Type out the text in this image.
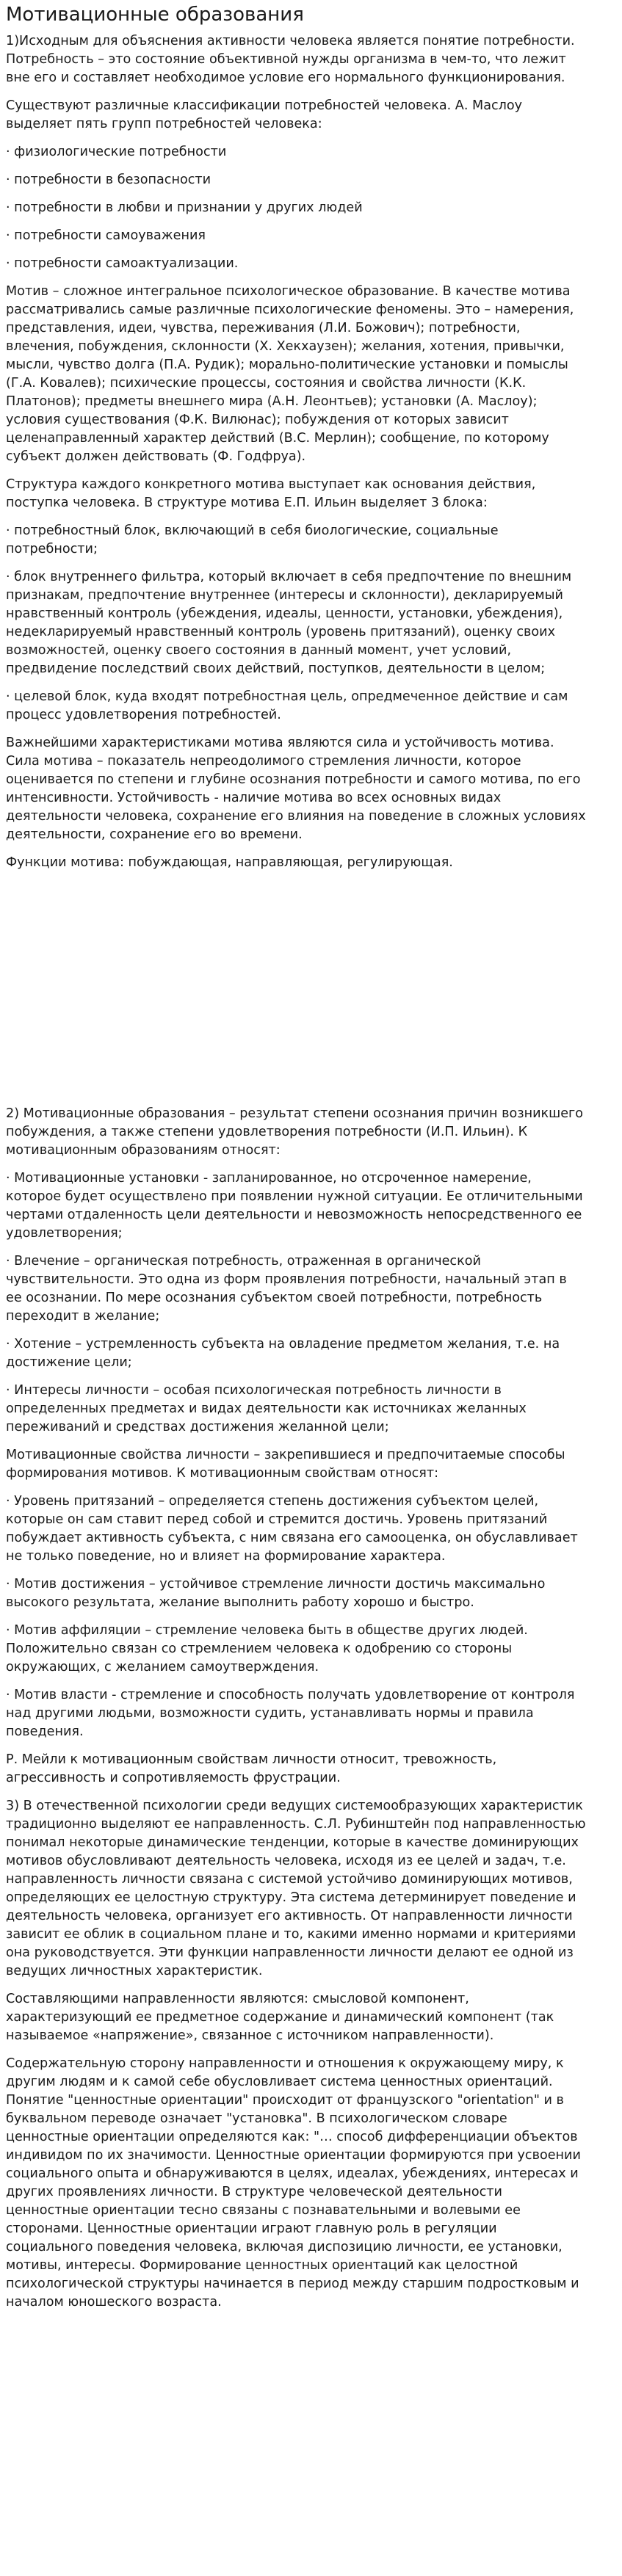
Мотивационные образования

1)Исходным для объяснения активности человека является понятие потребности. Потребность – это состояние объективной нужды организма в чем-то, что лежит вне его и составляет необходимое условие его нормального функционирования.

Существуют различные классификации потребностей человека. А. Маслоу выделяет пять групп потребностей человека:

· физиологические потребности

· потребности в безопасности

· потребности в любви и признании у других людей

· потребности самоуважения

· потребности самоактуализации.

Мотив – сложное интегральное психологическое образование. В качестве мотива рассматривались самые различные психологические феномены. Это – намерения, представления, идеи, чувства, переживания (Л.И. Божович); потребности, влечения, побуждения, склонности (Х. Хекхаузен); желания, хотения, привычки, мысли, чувство долга (П.А. Рудик); морально-политические установки и помыслы (Г.А. Ковалев); психические процессы, состояния и свойства личности (К.К. Платонов); предметы внешнего мира (А.Н. Леонтьев); установки (А. Маслоу); условия существования (Ф.К. Вилюнас); побуждения от которых зависит целенаправленный характер действий (В.С. Мерлин); сообщение, по которому субъект должен действовать (Ф. Годфруа).

Структура каждого конкретного мотива выступает как основания действия, поступка человека. В структуре мотива Е.П. Ильин выделяет 3 блока:

· потребностный блок, включающий в себя биологические, социальные потребности;

· блок внутреннего фильтра, который включает в себя предпочтение по внешним признакам, предпочтение внутреннее (интересы и склонности), декларируемый нравственный контроль (убеждения, идеалы, ценности, установки, убеждения), недекларируемый нравственный контроль (уровень притязаний), оценку своих возможностей, оценку своего состояния в данный момент, учет условий, предвидение последствий своих действий, поступков, деятельности в целом;

· целевой блок, куда входят потребностная цель, опредмеченное действие и сам процесс удовлетворения потребностей.

Важнейшими характеристиками мотива являются сила и устойчивость мотива. Сила мотива – показатель непреодолимого стремления личности, которое оценивается по степени и глубине осознания потребности и самого мотива, по его интенсивности. Устойчивость - наличие мотива во всех основных видах деятельности человека, сохранение его влияния на поведение в сложных условиях деятельности, сохранение его во времени.

Функции мотива: побуждающая, направляющая, регулирующая.

2) Мотивационные образования – результат степени осознания причин возникшего побуждения, а также степени удовлетворения потребности (И.П. Ильин). К мотивационным образованиям относят:

· Мотивационные установки - запланированное, но отсроченное намерение, которое будет осуществлено при появлении нужной ситуации. Ее отличительными чертами отдаленность цели деятельности и невозможность непосредственного ее удовлетворения;

· Влечение – органическая потребность, отраженная в органической чувствительности. Это одна из форм проявления потребности, начальный этап в ее осознании. По мере осознания субъектом своей потребности, потребность переходит в желание;

· Хотение – устремленность субъекта на овладение предметом желания, т.е. на достижение цели;

· Интересы личности – особая психологическая потребность личности в определенных предметах и видах деятельности как источниках желанных переживаний и средствах достижения желанной цели;

Мотивационные свойства личности – закрепившиеся и предпочитаемые способы формирования мотивов. К мотивационным свойствам относят:

· Уровень притязаний – определяется степень достижения субъектом целей, которые он сам ставит перед собой и стремится достичь. Уровень притязаний побуждает активность субъекта, с ним связана его самооценка, он обуславливает не только поведение, но и влияет на формирование характера.

· Мотив достижения – устойчивое стремление личности достичь максимально высокого результата, желание выполнить работу хорошо и быстро.

· Мотив аффиляции – стремление человека быть в обществе других людей. Положительно связан со стремлением человека к одобрению со стороны окружающих, с желанием самоутверждения.

· Мотив власти - стремление и способность получать удовлетворение от контроля над другими людьми, возможности судить, устанавливать нормы и правила поведения.

Р. Мейли к мотивационным свойствам личности относит, тревожность, агрессивность и сопротивляемость фрустрации.

3) В отечественной психологии среди ведущих системообразующих характеристик традиционно выделяют ее направленность. С.Л. Рубинштейн под направленностью понимал некоторые динамические тенденции, которые в качестве доминирующих мотивов обусловливают деятельность человека, исходя из ее целей и задач, т.е. направленность личности связана с системой устойчиво доминирующих мотивов, определяющих ее целостную структуру. Эта система детерминирует поведение и деятельность человека, организует его активность. От направленности личности зависит ее облик в социальном плане и то, какими именно нормами и критериями она руководствуется. Эти функции направленности личности делают ее одной из ведущих личностных характеристик.

Составляющими направленности являются: смысловой компонент, характеризующий ее предметное содержание и динамический компонент (так называемое «напряжение», связанное с источником направленности).

Содержательную сторону направленности и отношения к окружающему миру, к другим людям и к самой себе обусловливает система ценностных ориентаций. Понятие "ценностные ориентации" происходит от французского "orientation" и в буквальном переводе означает "установка". В психологическом словаре ценностные ориентации определяются как: "… способ дифференциации объектов индивидом по их значимости. Ценностные ориентации формируются при усвоении социального опыта и обнаруживаются в целях, идеалах, убеждениях, интересах и других проявлениях личности. В структуре человеческой деятельности ценностные ориентации тесно связаны с познавательными и волевыми ее сторонами. Ценностные ориентации играют главную роль в регуляции социального поведения человека, включая диспозицию личности, ее установки, мотивы, интересы. Формирование ценностных ориентаций как целостной психологической структуры начинается в период между старшим подростковым и началом юношеского возраста.
